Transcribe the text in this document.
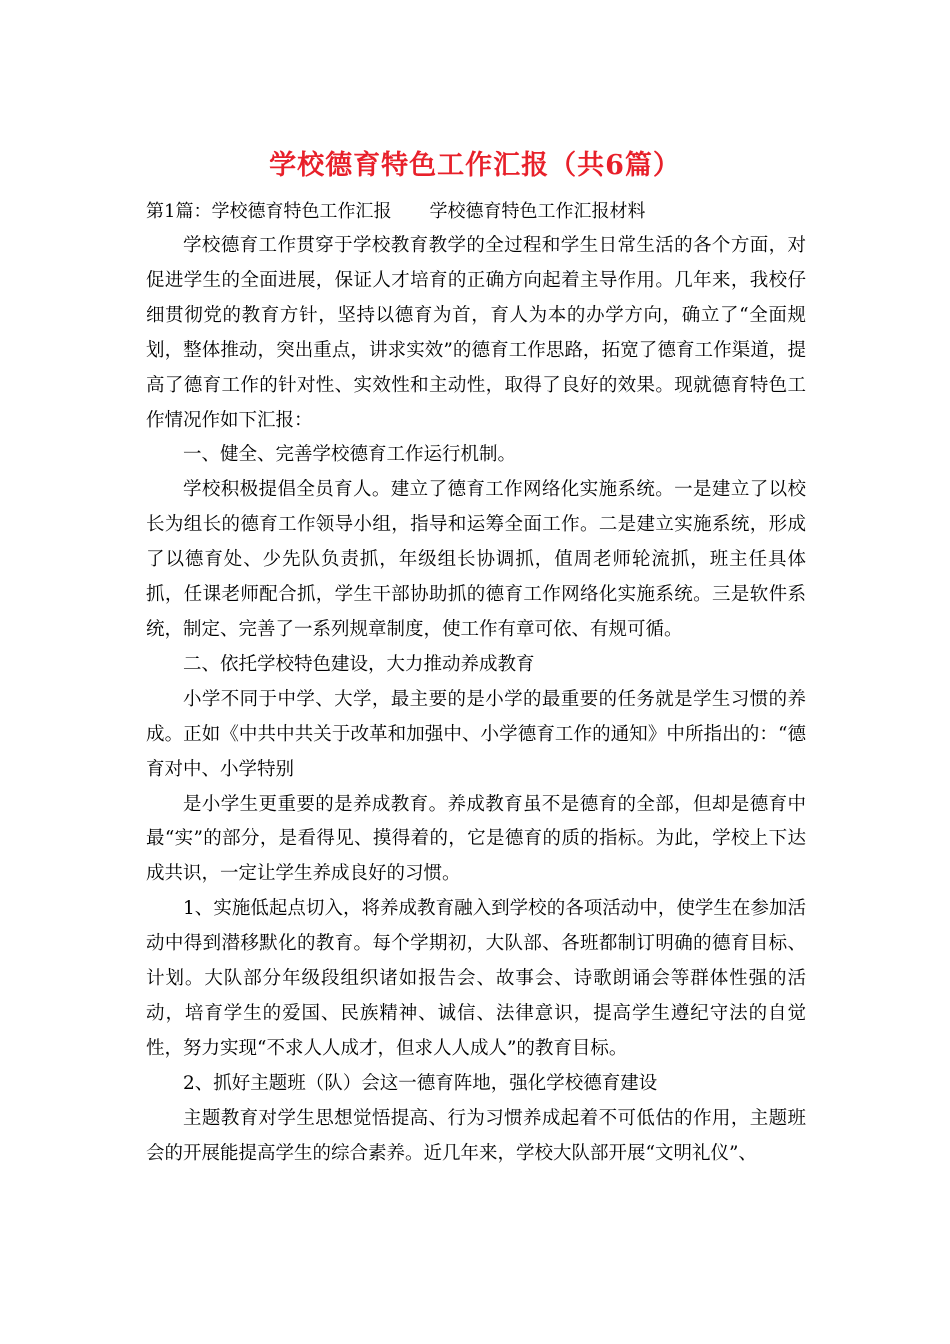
学校德育特色工作汇报（共6篇）
第1篇：学校德育特色工作汇报 学校德育特色工作汇报材料

学校德育工作贯穿于学校教育教学的全过程和学生日常生活的各个方面，对促进学生的全面进展，保证人才培育的正确方向起着主导作用。几年来，我校仔细贯彻党的教育方针，坚持以德育为首，育人为本的办学方向，确立了“全面规划，整体推动，突出重点，讲求实效”的德育工作思路，拓宽了德育工作渠道，提高了德育工作的针对性、实效性和主动性，取得了良好的效果。现就德育特色工作情况作如下汇报：

一、健全、完善学校德育工作运行机制。

学校积极提倡全员育人。建立了德育工作网络化实施系统。一是建立了以校长为组长的德育工作领导小组，指导和运筹全面工作。二是建立实施系统，形成了以德育处、少先队负责抓，年级组长协调抓，值周老师轮流抓，班主任具体抓，任课老师配合抓，学生干部协助抓的德育工作网络化实施系统。三是软件系统，制定、完善了一系列规章制度，使工作有章可依、有规可循。

二、依托学校特色建设，大力推动养成教育

小学不同于中学、大学，最主要的是小学的最重要的任务就是学生习惯的养成。正如《中共中共关于改革和加强中、小学德育工作的通知》中所指出的：“德育对中、小学特别

是小学生更重要的是养成教育。养成教育虽不是德育的全部，但却是德育中最“实”的部分，是看得见、摸得着的，它是德育的质的指标。为此，学校上下达成共识，一定让学生养成良好的习惯。

1、实施低起点切入，将养成教育融入到学校的各项活动中，使学生在参加活动中得到潜移默化的教育。每个学期初，大队部、各班都制订明确的德育目标、计划。大队部分年级段组织诸如报告会、故事会、诗歌朗诵会等群体性强的活动，培育学生的爱国、民族精神、诚信、法律意识，提高学生遵纪守法的自觉性，努力实现“不求人人成才，但求人人成人”的教育目标。

2、抓好主题班（队）会这一德育阵地，强化学校德育建设

主题教育对学生思想觉悟提高、行为习惯养成起着不可低估的作用，主题班会的开展能提高学生的综合素养。近几年来，学校大队部开展“文明礼仪”、
